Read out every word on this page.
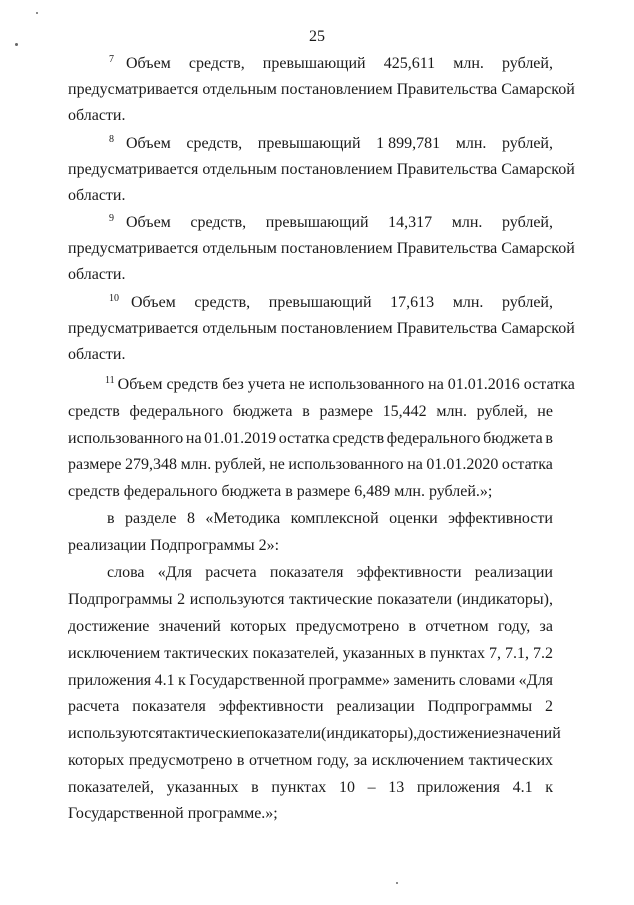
25
7 Объем средств, превышающий 425,611 млн. рублей,
предусматривается отдельным постановлением Правительства Самарской
области.
8 Объем средств, превышающий 1 899,781 млн. рублей,
предусматривается отдельным постановлением Правительства Самарской
области.
9 Объем средств, превышающий 14,317 млн. рублей,
предусматривается отдельным постановлением Правительства Самарской
области.
10 Объем средств, превышающий 17,613 млн. рублей,
предусматривается отдельным постановлением Правительства Самарской
области.
$^{11}$ Объем средств без учета не использованного на 01.01.2016 остатка
средств федерального бюджета в размере 15,442 млн. рублей, не
использованного на 01.01.2019 остатка средств федерального бюджета в
размере 279,348 млн. рублей, не использованного на 01.01.2020 остатка
средств федерального бюджета в размере 6,489 млн. рублей.»;
в разделе 8 «Методика комплексной оценки эффективности
реализации Подпрограммы 2»:
слова «Для расчета показателя эффективности реализации
Подпрограммы 2 используются тактические показатели (индикаторы),
достижение значений которых предусмотрено в отчетном году, за
исключением тактических показателей, указанных в пунктах 7, 7.1, 7.2
приложения 4.1 к Государственной программе» заменить словами «Для
расчета показателя эффективности реализации Подпрограммы 2
используются тактические показатели (индикаторы), достижение значений
которых предусмотрено в отчетном году, за исключением тактических
показателей, указанных в пунктах 10 – 13 приложения 4.1 к
Государственной программе.»;
